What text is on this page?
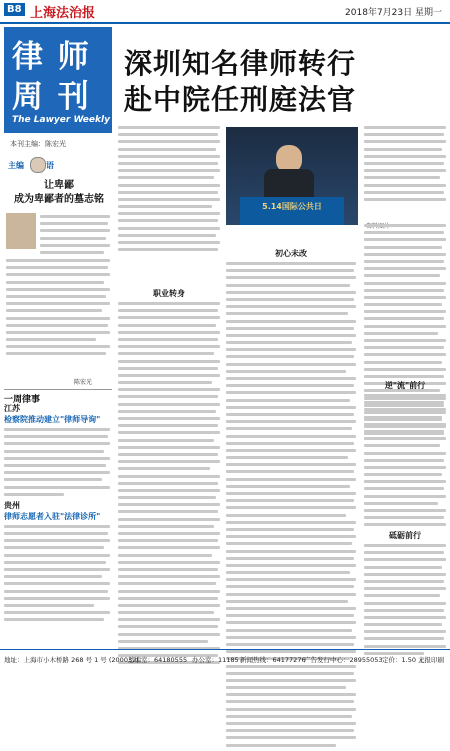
B8 上海法治报	2018年7月23日 星期一
律 师
周 刊
The Lawyer Weekly
本刊主编：陈宏光
主编	语
让卑鄙
成为卑鄙者的墓志铭
陈宏光
一周律事
江苏
检察院推动建立"律师导询"
贵州
律师志愿者入驻"法律诊所"
深圳知名律师转行
赴中院任刑庭法官
5.14国际公共日
职业转身
初心未改
逆"流"前行
砥砺前行
地址：上海市小木桥路 268 号 1 号 (200032)
总编室：64180555 办公室：11185 新闻热线：64177276
广告发行中心：28955053 定价：1.50 元
上报印刷
